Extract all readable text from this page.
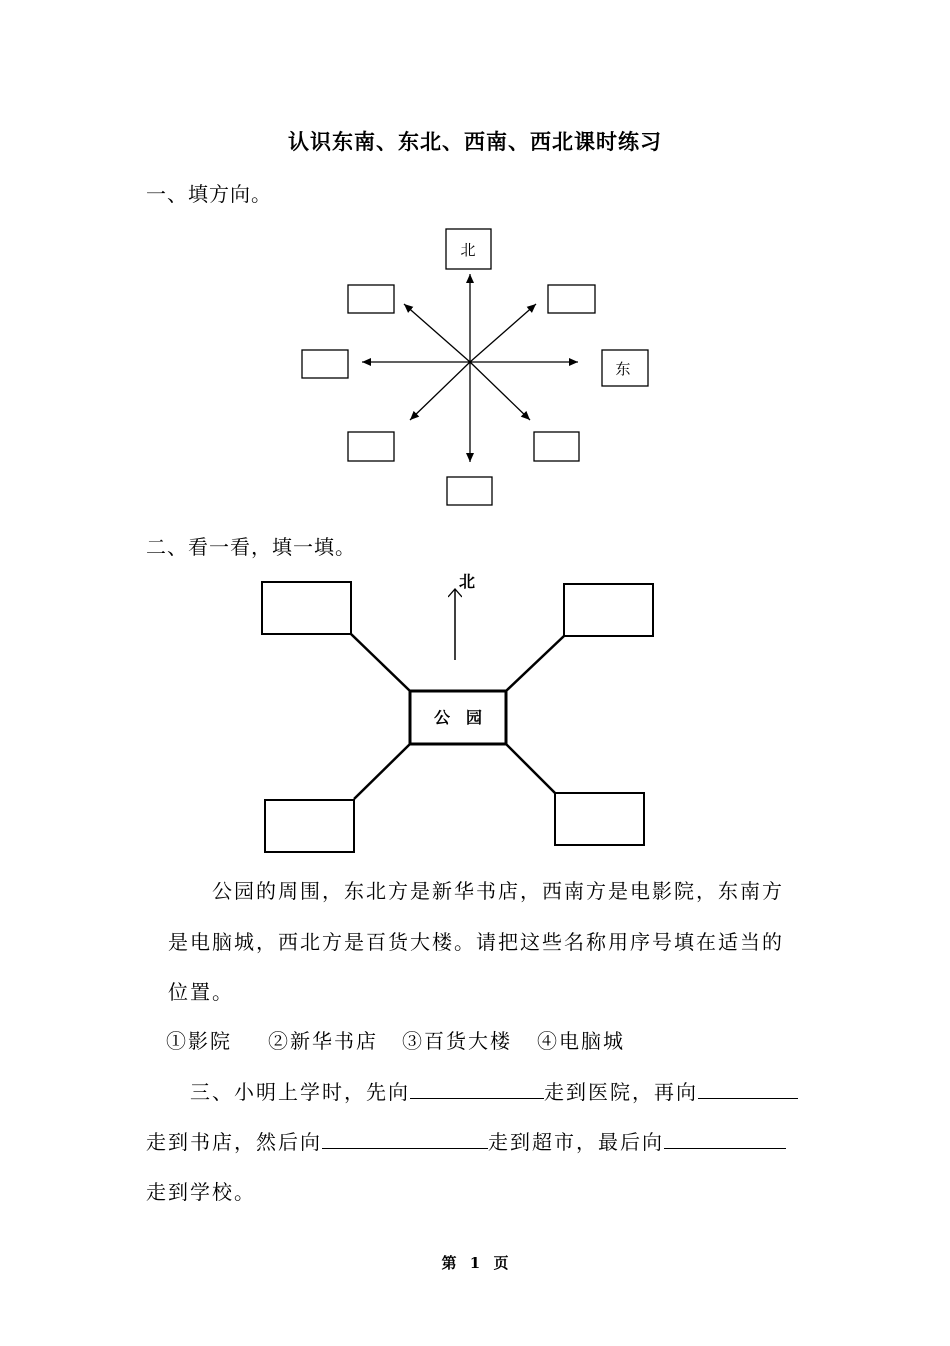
认识东南、东北、西南、西北课时练习
一、填方向。
北
东
二、看一看，填一填。
北
公　园
公园的周围，东北方是新华书店，西南方是电影院，东南方
是电脑城，西北方是百货大楼。请把这些名称用序号填在适当的
位置。
①影院 ②新华书店 ③百货大楼 ④电脑城
三、小明上学时，先向	走到医院，再向
走到书店，然后向	走到超市，最后向
走到学校。
第 1 页
